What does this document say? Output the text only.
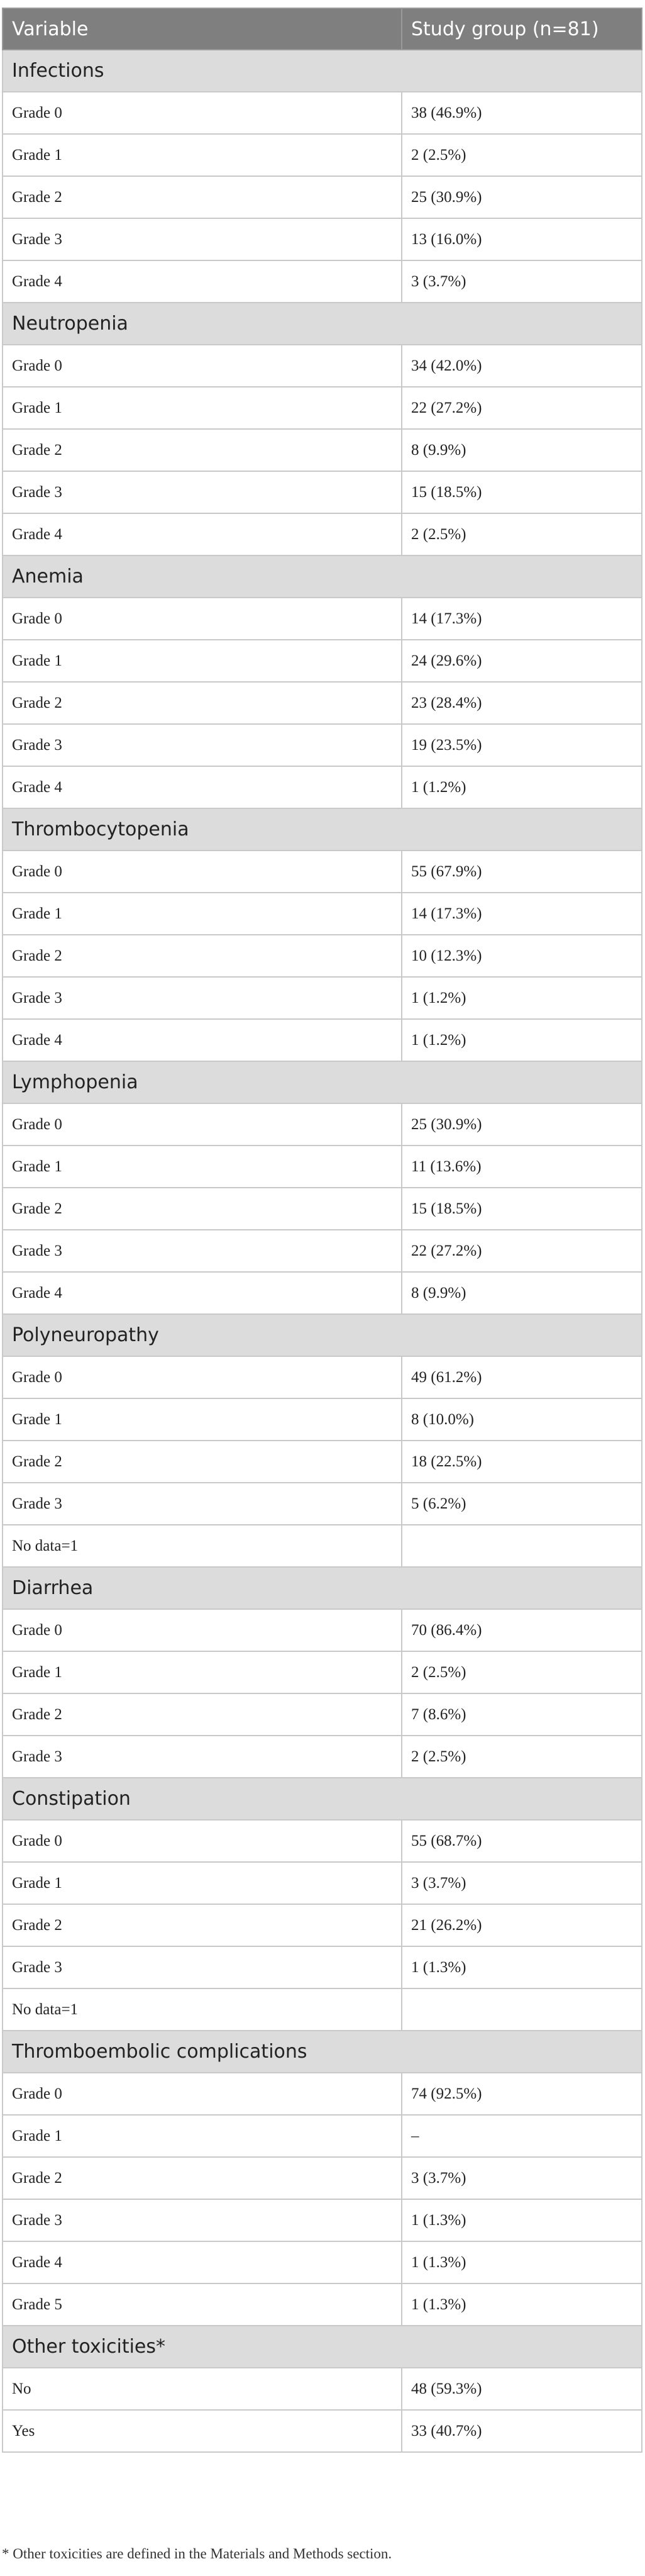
Variable	Study group (n=81)
Infections	
Grade 0	38 (46.9%)
Grade 1	2 (2.5%)
Grade 2	25 (30.9%)
Grade 3	13 (16.0%)
Grade 4	3 (3.7%)
Neutropenia	
Grade 0	34 (42.0%)
Grade 1	22 (27.2%)
Grade 2	8 (9.9%)
Grade 3	15 (18.5%)
Grade 4	2 (2.5%)
Anemia	
Grade 0	14 (17.3%)
Grade 1	24 (29.6%)
Grade 2	23 (28.4%)
Grade 3	19 (23.5%)
Grade 4	1 (1.2%)
Thrombocytopenia	
Grade 0	55 (67.9%)
Grade 1	14 (17.3%)
Grade 2	10 (12.3%)
Grade 3	1 (1.2%)
Grade 4	1 (1.2%)
Lymphopenia	
Grade 0	25 (30.9%)
Grade 1	11 (13.6%)
Grade 2	15 (18.5%)
Grade 3	22 (27.2%)
Grade 4	8 (9.9%)
Polyneuropathy	
Grade 0	49 (61.2%)
Grade 1	8 (10.0%)
Grade 2	18 (22.5%)
Grade 3	5 (6.2%)
No data=1	
Diarrhea	
Grade 0	70 (86.4%)
Grade 1	2 (2.5%)
Grade 2	7 (8.6%)
Grade 3	2 (2.5%)
Constipation	
Grade 0	55 (68.7%)
Grade 1	3 (3.7%)
Grade 2	21 (26.2%)
Grade 3	1 (1.3%)
No data=1	
Thromboembolic complications	
Grade 0	74 (92.5%)
Grade 1	–
Grade 2	3 (3.7%)
Grade 3	1 (1.3%)
Grade 4	1 (1.3%)
Grade 5	1 (1.3%)
Other toxicities*	
No	48 (59.3%)
Yes	33 (40.7%)
* Other toxicities are defined in the Materials and Methods section.
